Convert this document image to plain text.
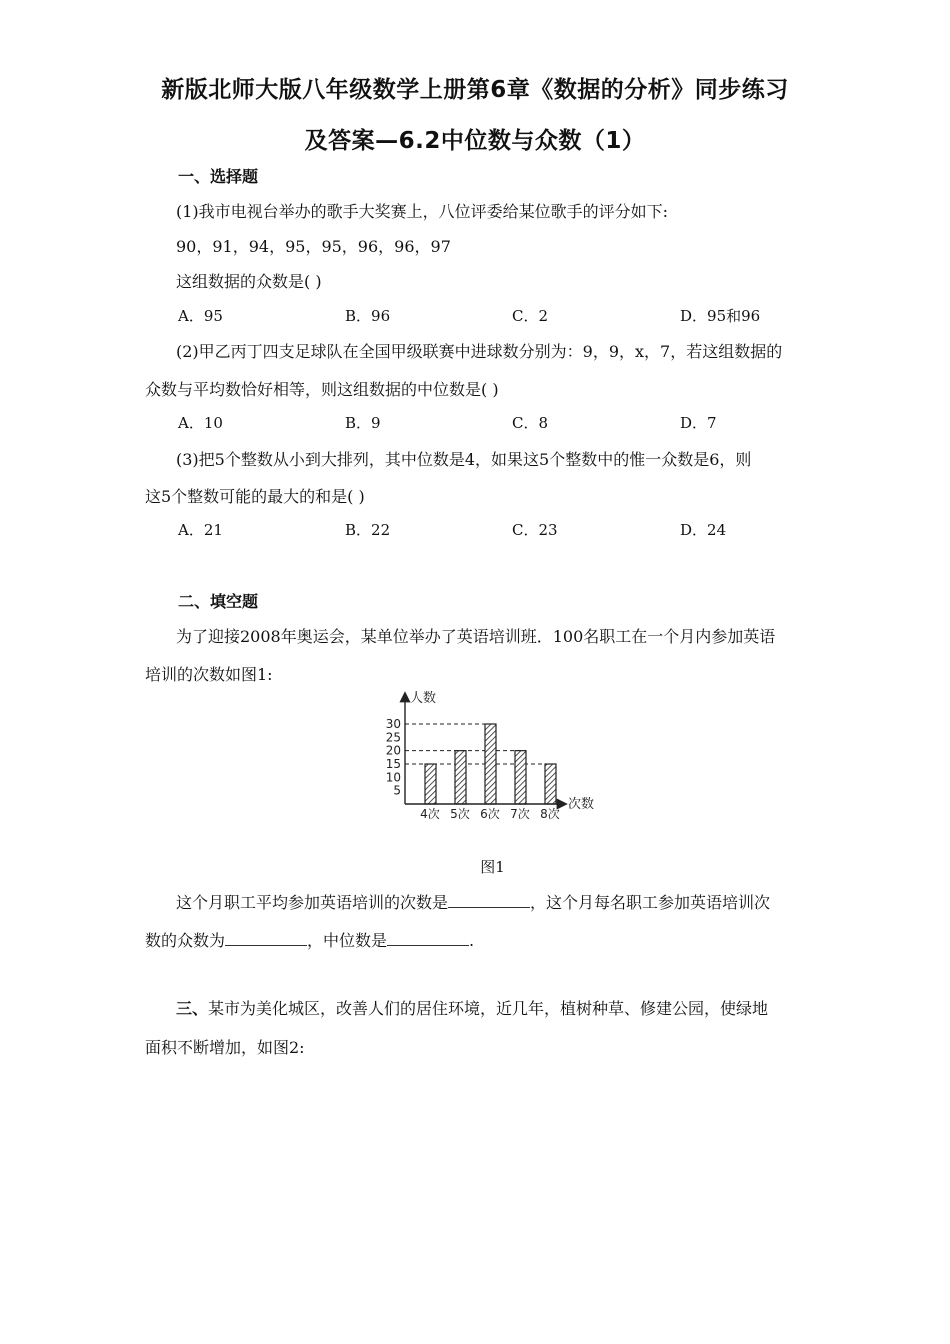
新版北师大版八年级数学上册第6章《数据的分析》同步练习
及答案—6.2中位数与众数（1）
一、选择题
(1)我市电视台举办的歌手大奖赛上，八位评委给某位歌手的评分如下:
90，91，94，95，95，96，96，97
这组数据的众数是( )
A．95	B．96	C．2	D．95和96
(2)甲乙丙丁四支足球队在全国甲级联赛中进球数分别为：9，9，x，7，若这组数据的
众数与平均数恰好相等，则这组数据的中位数是( )
A．10	B．9	C．8	D．7
(3)把5个整数从小到大排列，其中位数是4，如果这5个整数中的惟一众数是6，则
这5个整数可能的最大的和是( )
A．21	B．22	C．23	D．24
二、填空题
为了迎接2008年奥运会，某单位举办了英语培训班．100名职工在一个月内参加英语
培训的次数如图1:
4次 5次 6次 7次 8次
5
10
15
20
25
30
人数
次数
图1
这个月职工平均参加英语培训的次数是	，这个月每名职工参加英语培训次
数的众数为	，中位数是	.
三、某市为美化城区，改善人们的居住环境，近几年，植树种草、修建公园，使绿地
面积不断增加，如图2:
